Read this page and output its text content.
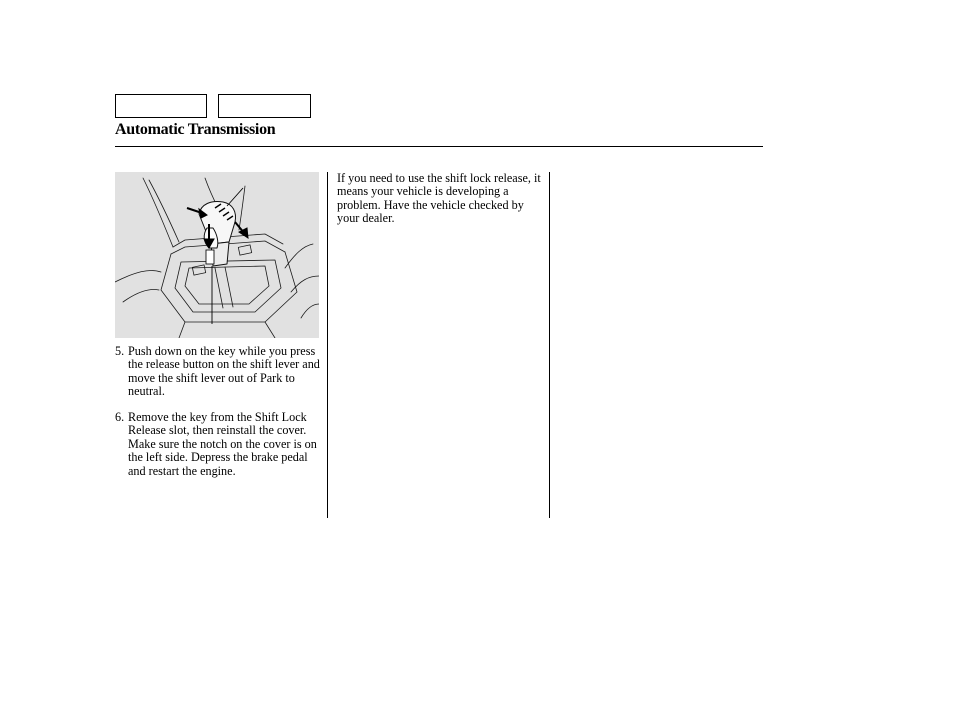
Automatic Transmission
5. Push down on the key while you press the release button on the shift lever and move the shift lever out of Park to neutral.
6. Remove the key from the Shift Lock Release slot, then reinstall the cover. Make sure the notch on the cover is on the left side. Depress the brake pedal and restart the engine.

If you need to use the shift lock release, it means your vehicle is developing a problem. Have the vehicle checked by your dealer.
